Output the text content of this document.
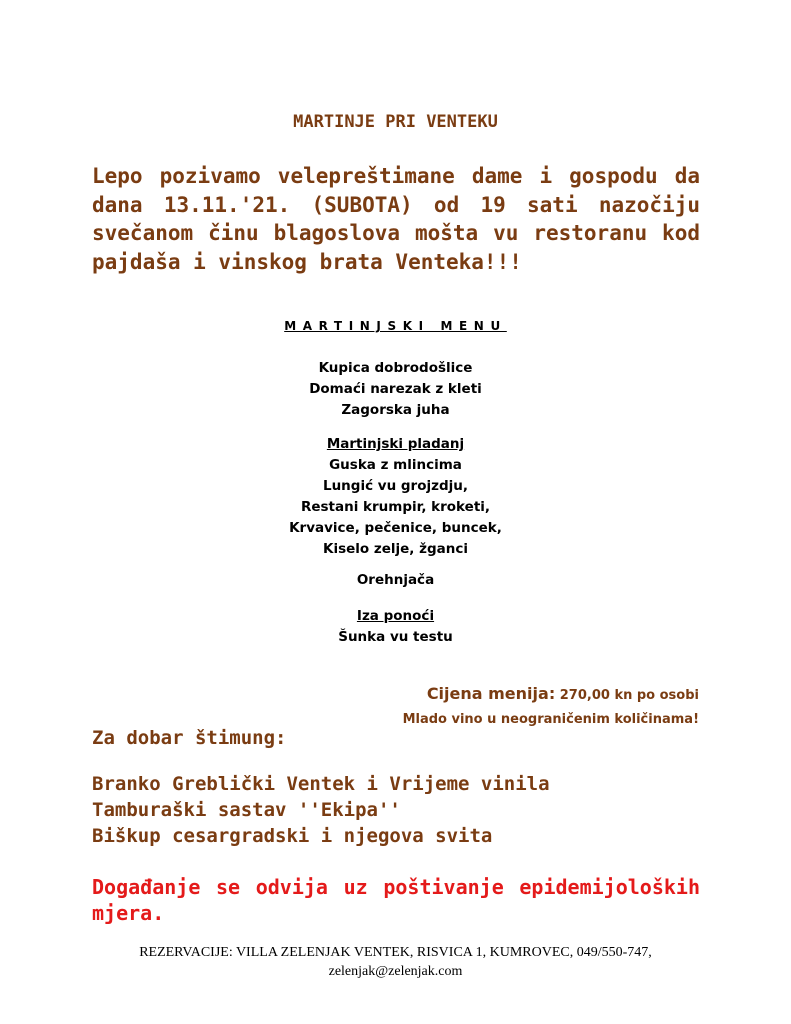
MARTINJE PRI VENTEKU
Lepo pozivamo velepreštimane dame i gospodu da dana 13.11.'21. (SUBOTA) od 19 sati nazočiju svečanom činu blagoslova mošta vu restoranu kod pajdaša i vinskog brata Venteka!!!
MARTINJSKI MENU
Kupica dobrodošlice
Domaći narezak z kleti
Zagorska juha
Martinjski pladanj
Guska z mlincima
Lungić vu grojzdju,
Restani krumpir, kroketi,
Krvavice, pečenice, buncek,
Kiselo zelje, žganci
Orehnjača
Iza ponoći
Šunka vu testu
Cijena menija: 270,00 kn po osobi
Mlado vino u neograničenim količinama!
Za dobar štimung:
Branko Greblički Ventek i Vrijeme vinila
Tamburaški sastav ''Ekipa''
Biškup cesargradski i njegova svita
Događanje se odvija uz poštivanje epidemijoloških mjera.
REZERVACIJE: VILLA ZELENJAK VENTEK, RISVICA 1, KUMROVEC, 049/550-747,
zelenjak@zelenjak.com
